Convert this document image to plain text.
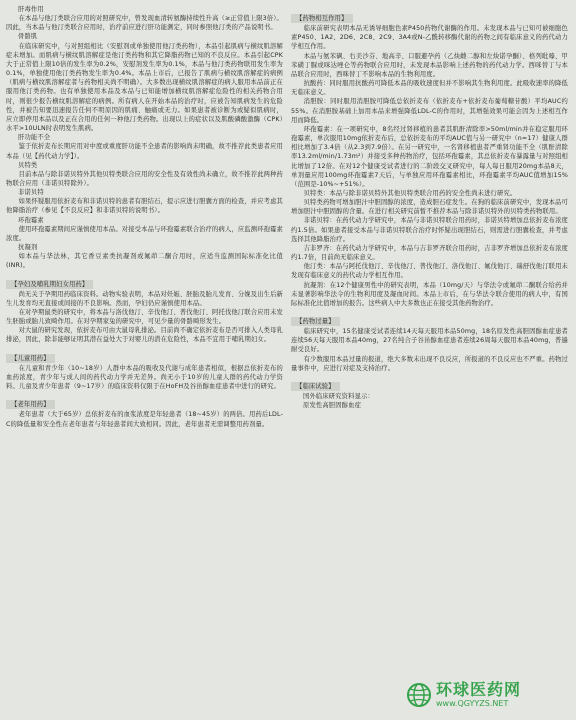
肝毒作用

在本品与他汀类联合应用的对照研究中，曾发现血清转氨酶持续性升高（≥正常值上限3倍）。因此，当本品与他汀类联合应用时，治疗前应进行肝功能测定，同时参照他汀类的产品说明书。

骨骼肌

在临床研究中，与对照组相比（安慰剂或单独使用他汀类药物），本品引起肌病与横纹肌溶解症未增加。而肌病与横纹肌溶解症是他汀类药物和其它降脂药物已知的不良反应。本品引起CPK大于正常值上限10倍的发生率为0.2%，安慰剂发生率为0.1%，本品与他汀类药物联用发生率为0.1%，单独使用他汀类药物发生率为0.4%。本品上市后，已报告了肌病与横纹肌溶解症的病例（肌病与横纹肌溶解症者与药物相关尚不明确）。大多数出现横纹肌溶解症的病人服用本品前正在服用他汀类药物。也有单独使用本品及本品与已知能增加横纹肌溶解症危险性的相关药物合用时，则很少报告横纹肌溶解症的病例。所有病人在开始本品的治疗时，应被告知肌病发生的危险性，并被告知要迅速报告任何不明原因的肌痛、触痛或无力。如果患者被诊断为或疑似肌病时，应立即停用本品以及正在合用的任何一种他汀类药物。出现以上的症状以及肌酸磷酸激酶（CPK）水平>10ULN时表明发生肌病。

肝功能不全

鉴于依折麦布长期应用对中度或重度肝功能不全患者的影响尚未明确，故不推荐此类患者应用本品（见【药代动力学】）。

贝特类

目前本品与除非诺贝特外其他贝特类联合应用的安全性及有效性尚未确立，故不推荐此两种药物联合应用（非诺贝特除外）。

非诺贝特

如果怀疑服用依折麦布和非诺贝特的患者有胆结石，提示应进行胆囊方面的检查，并应考虑其他降脂治疗（参见【不良反应】和非诺贝特的说明书）。

环孢霉素

使用环孢霉素期间应谨慎使用本品。对接受本品与环孢霉素联合治疗的病人，应监测环孢霉素浓度。

抗凝剂

如本品与华法林，其它香豆素类抗凝剂或氟茚二酮合用时，应适当监测国际标准化比值(INR)。

【孕妇及哺乳期妇女用药】

尚无关于孕期用药临床资料。动物实验表明，本品对妊娠、胚胎及胎儿发育、分娩及出生后新生儿发育均无直接或间接的不良影响。然而，孕妇仍应谨慎使用本品。

在对孕期鼠类的研究中，将本品与洛伐他汀、辛伐他汀、普伐他汀、阿托伐他汀联合应用未发生胚胎或胎儿致畸作用。在对孕期家兔的研究中，可见少量的骨骼畸形发生。

对大鼠的研究发现，依折麦布可由大鼠母乳排泌。目前尚不确定依折麦布是否可排入人类母乳排泌，因此，除非能够证明其潜在益处大于对婴儿的潜在危险性，本品不宜用于哺乳期妇女。

【儿童用药】

在儿童和青少年（10~18岁）人群中本品的吸收及代谢与成年患者相似，根据总依折麦布的血药浓度，青少年与成人间的药代动力学并无差异。尚无小于10岁的儿童人群的药代动力学资料。儿童及青少年患者（9~17岁）的临床资料仅限于在HoFH及谷甾醇血症患者中进行的研究。

【老年用药】

老年患者（大于65岁）总依折麦布的血浆浓度是年轻患者（18~45岁）的两倍。用药后LDL-C的降低量和安全性在老年患者与年轻患者间大致相同。因此，老年患者无需调整用药剂量。

【药物相互作用】

临床前研究表明本品无诱导细胞色素P450药物代谢酶的作用。未发现本品与已知可被细胞色素P450、1A2、2D6、2C8、2C9、3A4或N-乙酰转移酶代谢的药物之间有临床意义的药代动力学相互作用。

本品与氨苯砜、右美沙芬、地高辛、口服避孕药（乙炔雌二醇和左炔诺孕酮）、格列吡嗪、甲苯磺丁脲或咪达唑仑等药物联合应用时，未发现本品影响上述药物的药代动力学。西咪替丁与本品联合应用时，西咪替丁不影响本品的生物利用度。

抗酸药：同时服用抗酸药可降低本品的吸收速度但并不影响其生物利用度。此吸收速率的降低无临床意义。

消胆胺：同时服用消胆胺可降低总依折麦布（依折麦布+依折麦布葡萄糖苷酸）平均AUC约55%。在消胆胺基础上加用本品来增强降低LDL-C的作用时，其增强效果可能会因为上述相互作用而降低。

环孢霉素：在一项研究中，8名经过肾移植的患者其肌酐清除率>50ml/min并在稳定服用环孢霉素，单次服用10mg依折麦布后，总依折麦布的平均AUC值与另一研究中（n=17）健康人群相比增加了3.4倍（从2.3到7.9倍）。在另一研究中，一名肾移植患者严重肾功能不全（肌酐清除率13.2ml/min/1.73m²）并接受多种药物治疗，包括环孢霉素，其总依折麦布暴露量与对照组相比增加了12倍。在对12个健康受试者进行的二阶段交叉研究中，每人每日服用20mg本品8天，单剂量应用100mg环孢霉素7天后，与单独应用环孢霉素相比，环孢霉素平均AUC值增加15%（范围是-10%~+51%）。

贝特类：本品与除非诺贝特外其他贝特类联合用药的安全性尚未进行研究。

贝特类药物可增加胆汁中胆固醇的浓度，造成胆石症发生。在狗的临床前研究中，发现本品可增加胆汁中胆固醇的含量。在进行相关研究前暂不推荐本品与除非诺贝特外的贝特类药物联用。

非诺贝特：在药代动力学研究中，本品与非诺贝特联合用药时，非诺贝特增加总依折麦布浓度约1.5倍。如果患者接受本品与非诺贝特联合治疗时怀疑出现胆结石，则需进行胆囊检查，并考虑选择其他降脂治疗。

吉非罗齐：在药代动力学研究中，本品与吉非罗齐联合用药时，吉非罗齐增加总依折麦布浓度约1.7倍，目前尚无临床意义。

他汀类：本品与阿托伐他汀、辛伐他汀、普伐他汀、洛伐他汀、氟伐他汀、瑞舒伐他汀联用未发现有临床意义的药代动力学相互作用。

抗凝剂：在12个健康男性中的研究表明，本品（10mg/天）与华法令或氟茚二酮联合给药并未显著影响华法令的生物利用度及凝血时间。本品上市后，在与华法令联合使用的病人中，有国际标准化比值增加的报告。这些病人中大多数也正在接受其他药物治疗。

【药物过量】

临床研究中，15名健康受试者连续14天每天服用本品50mg，18名原发性高胆固醇血症患者连续56天每天服用本品40mg，27名纯合子谷甾醇血症患者连续26周每天服用本品40mg，普遍耐受良好。

有少数服用本品过量的报道，绝大多数未出现不良反应，所报道的不良反应也不严重。药物过量事件中，应进行对症及支持治疗。

【临床试验】

国外临床研究资料显示：
原发性高胆固醇血症
环球医药网
www.QGYYZS.NET
